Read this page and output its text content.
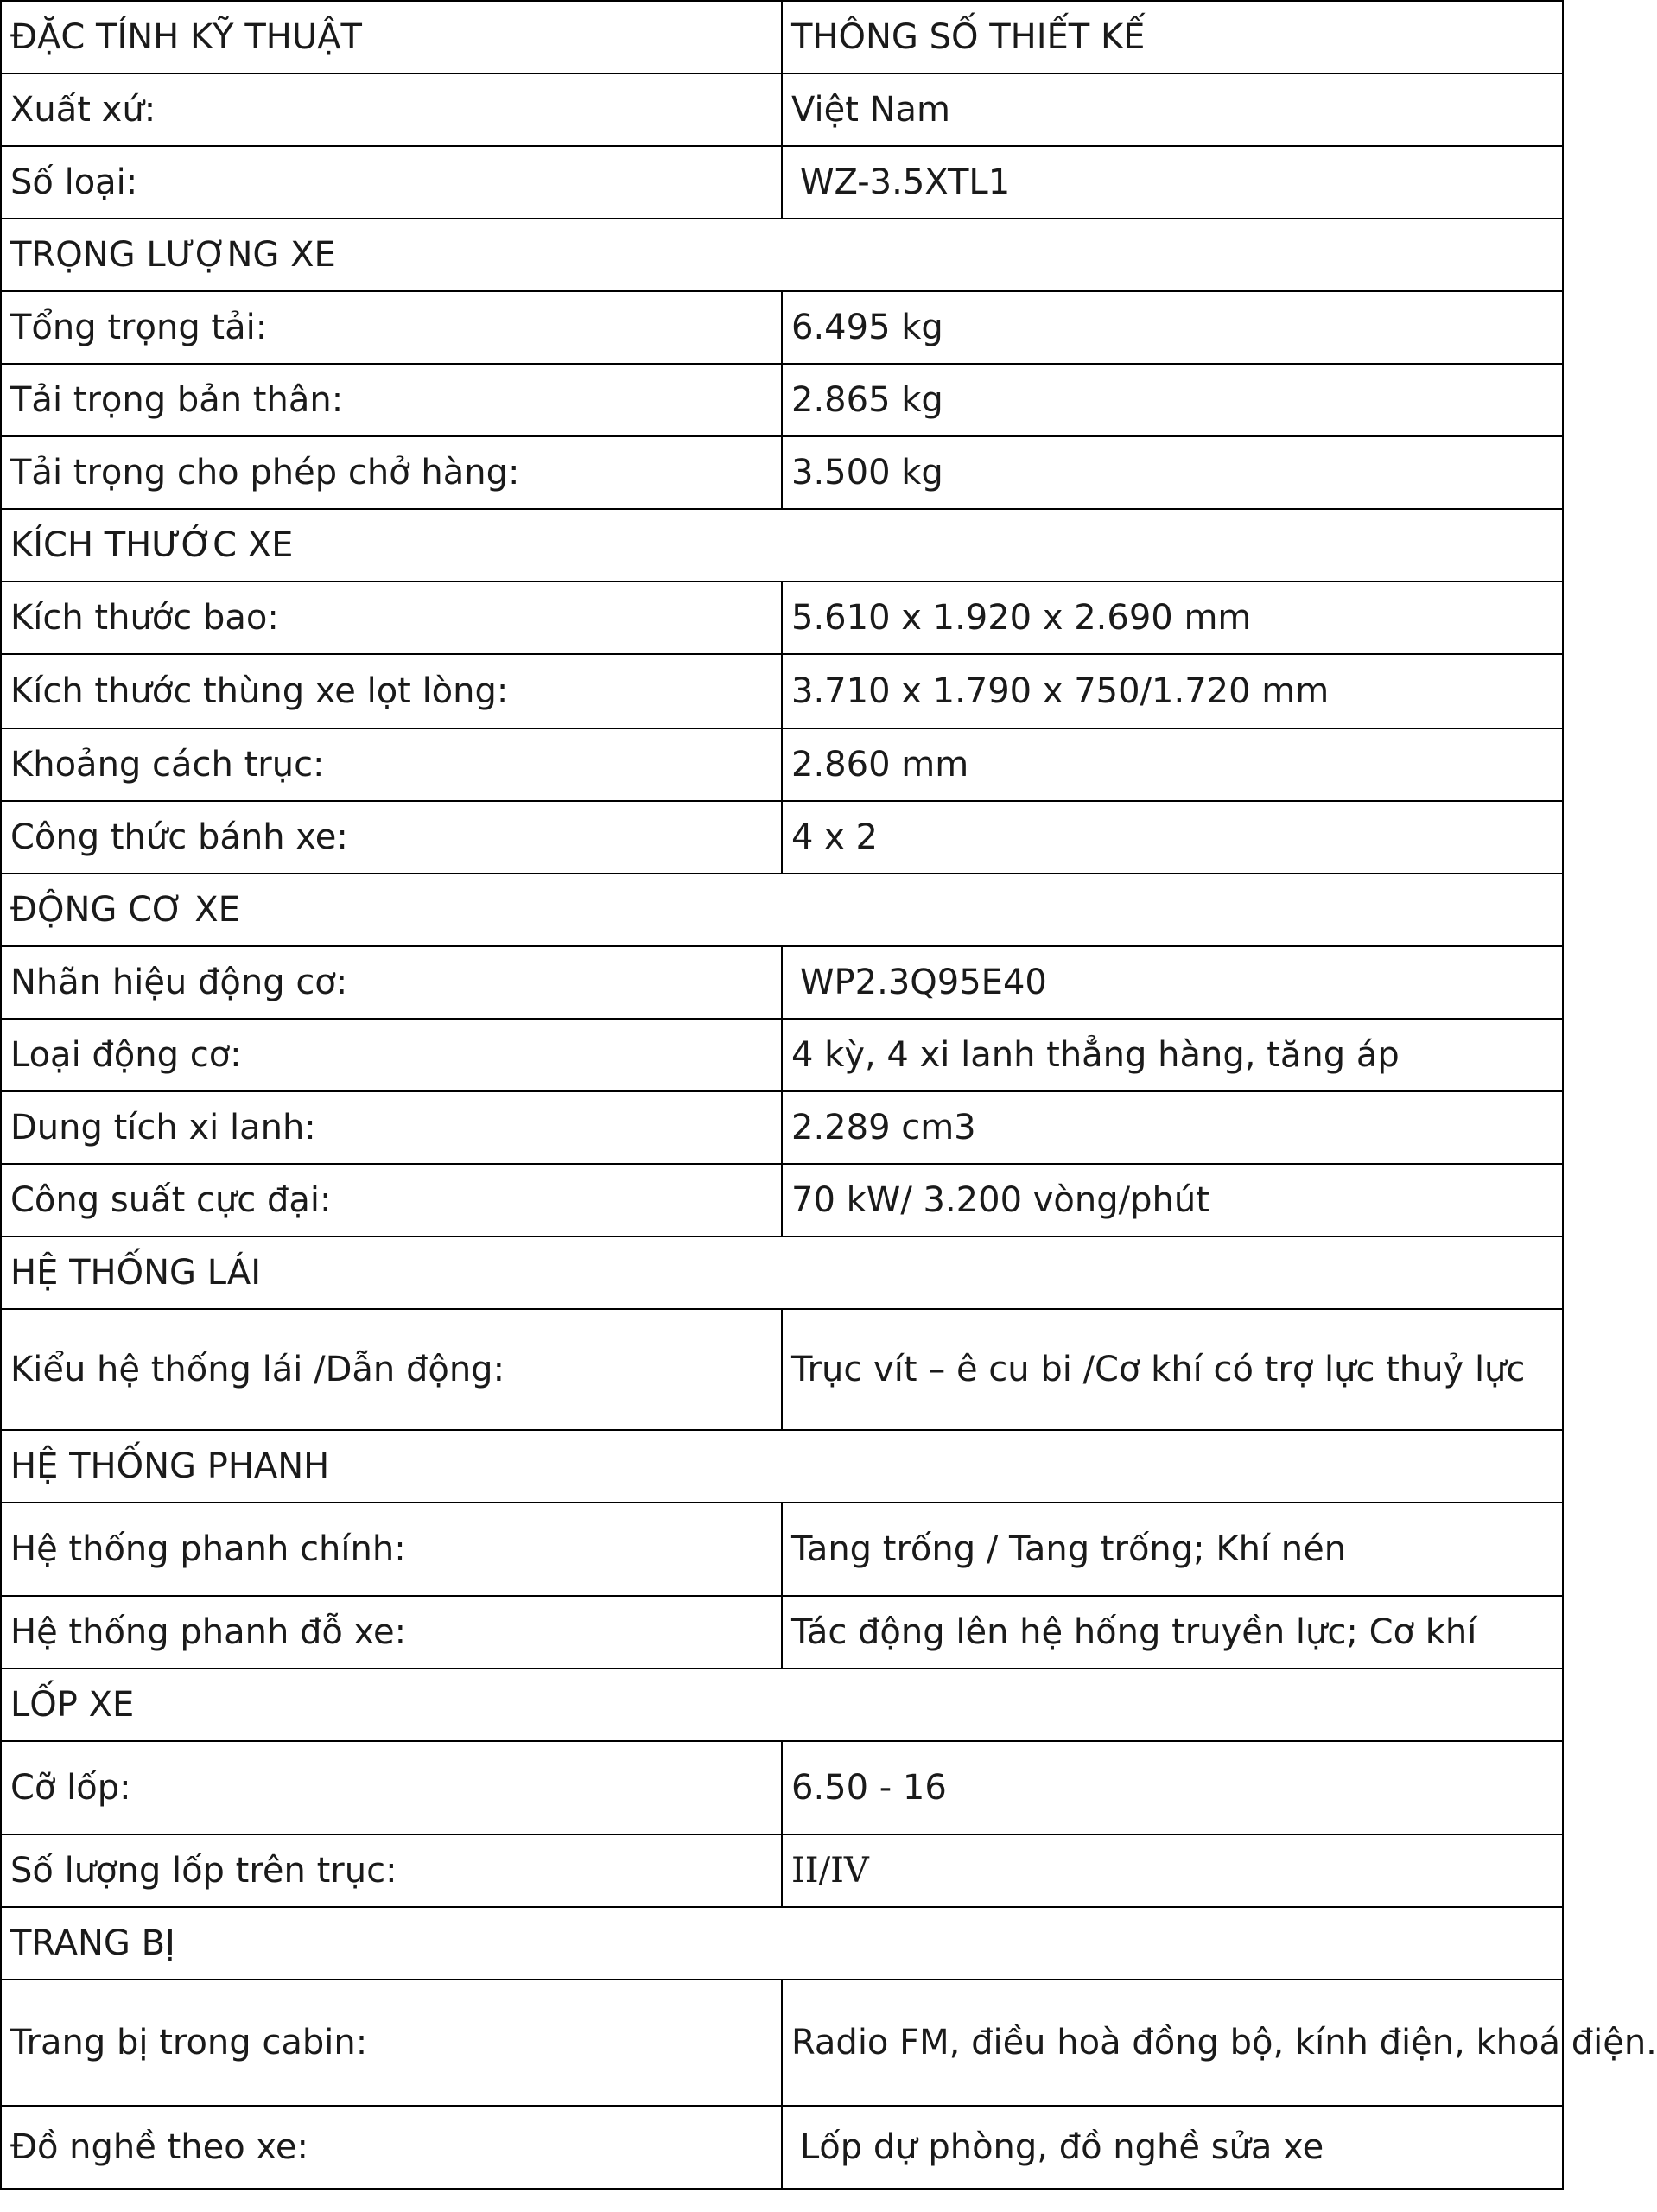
ĐẶC TÍNH KỸ THUẬT	THÔNG SỐ THIẾT KẾ
Xuất xứ:	Việt Nam
Số loại:	WZ-3.5XTL1
TRỌNG LƯỢNG XE	
Tổng trọng tải:	6.495 kg
Tải trọng bản thân:	2.865 kg
Tải trọng cho phép chở hàng:	3.500 kg
KÍCH THƯỚC XE	
Kích thước bao:	5.610 x 1.920 x 2.690 mm
Kích thước thùng xe lọt lòng:	3.710 x 1.790 x 750/1.720 mm
Khoảng cách trục:	2.860 mm
Công thức bánh xe:	4 x 2
ĐỘNG CƠ XE	
Nhãn hiệu động cơ:	WP2.3Q95E40
Loại động cơ:	4 kỳ, 4 xi lanh thẳng hàng, tăng áp
Dung tích xi lanh:	2.289 cm3
Công suất cực đại:	70 kW/ 3.200 vòng/phút
HỆ THỐNG LÁI	
Kiểu hệ thống lái /Dẫn động:	Trục vít – ê cu bi /Cơ khí có trợ lực thuỷ lực
HỆ THỐNG PHANH	
Hệ thống phanh chính:	Tang trống / Tang trống; Khí nén
Hệ thống phanh đỗ xe:	Tác động lên hệ hống truyền lực; Cơ khí
LỐP XE	
Cỡ lốp:	6.50 - 16
Số lượng lốp trên trục:	II/IV
TRANG BỊ	
Trang bị trong cabin:	Radio FM, điều hoà đồng bộ, kính điện, khoá điện.
Đồ nghề theo xe:	Lốp dự phòng, đồ nghề sửa xe
